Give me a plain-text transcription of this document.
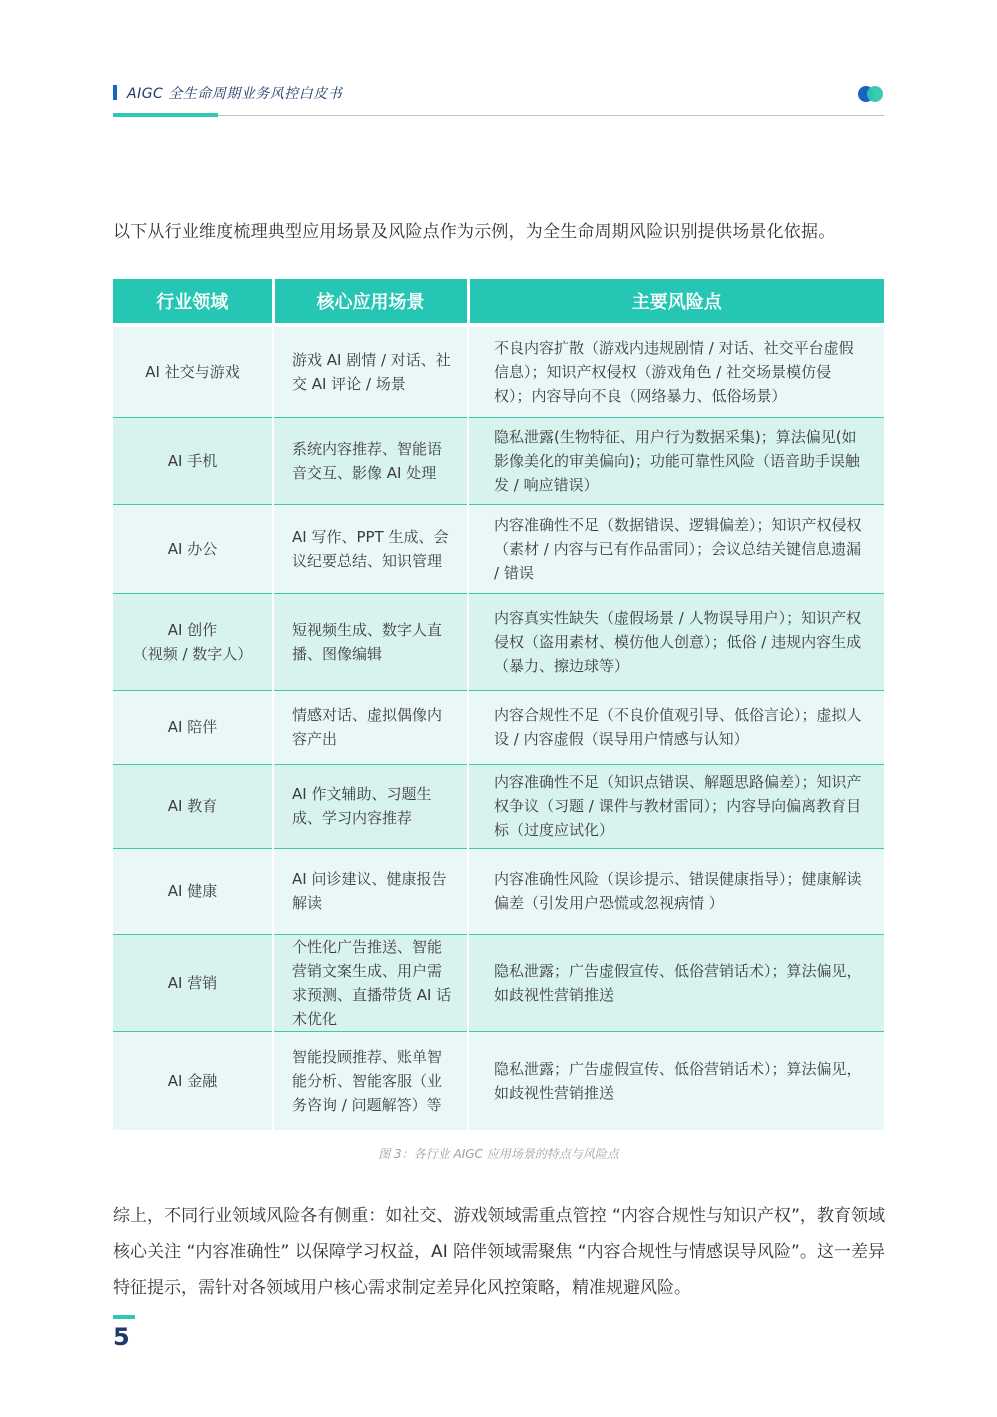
AIGC 全生命周期业务风控白皮书
以下从行业维度梳理典型应用场景及风险点作为示例，为全生命周期风险识别提供场景化依据。
行业领域	核心应用场景	主要风险点
AI 社交与游戏	游戏 AI 剧情 / 对话、社交 AI 评论 / 场景	不良内容扩散（游戏内违规剧情 / 对话、社交平台虚假信息）；知识产权侵权（游戏角色 / 社交场景模仿侵权）；内容导向不良（网络暴力、低俗场景）
AI 手机	系统内容推荐、智能语音交互、影像 AI 处理	隐私泄露(生物特征、用户行为数据采集)；算法偏见(如影像美化的审美偏向)；功能可靠性风险（语音助手误触发 / 响应错误）
AI 办公	AI 写作、PPT 生成、会议纪要总结、知识管理	内容准确性不足（数据错误、逻辑偏差）；知识产权侵权（素材 / 内容与已有作品雷同）；会议总结关键信息遗漏 / 错误
AI 创作
（视频 / 数字人）	短视频生成、数字人直播、图像编辑	内容真实性缺失（虚假场景 / 人物误导用户）；知识产权侵权（盗用素材、模仿他人创意）；低俗 / 违规内容生成（暴力、擦边球等）
AI 陪伴	情感对话、虚拟偶像内容产出	内容合规性不足（不良价值观引导、低俗言论）；虚拟人设 / 内容虚假（误导用户情感与认知）
AI 教育	AI 作文辅助、习题生成、学习内容推荐	内容准确性不足（知识点错误、解题思路偏差）；知识产权争议（习题 / 课件与教材雷同）；内容导向偏离教育目标（过度应试化）
AI 健康	AI 问诊建议、健康报告解读	内容准确性风险（误诊提示、错误健康指导）；健康解读偏差（引发用户恐慌或忽视病情 ）
AI 营销	个性化广告推送、智能营销文案生成、用户需求预测、直播带货 AI 话术优化	隐私泄露；广告虚假宣传、低俗营销话术）；算法偏见，如歧视性营销推送
AI 金融	智能投顾推荐、账单智能分析、智能客服（业务咨询 / 问题解答）等	隐私泄露；广告虚假宣传、低俗营销话术）；算法偏见，如歧视性营销推送
图 3：各行业 AIGC 应用场景的特点与风险点
综上，不同行业领域风险各有侧重：如社交、游戏领域需重点管控 “内容合规性与知识产权”，教育领域核心关注 “内容准确性” 以保障学习权益，AI 陪伴领域需聚焦 “内容合规性与情感误导风险”。这一差异特征提示，需针对各领域用户核心需求制定差异化风控策略，精准规避风险。
5
